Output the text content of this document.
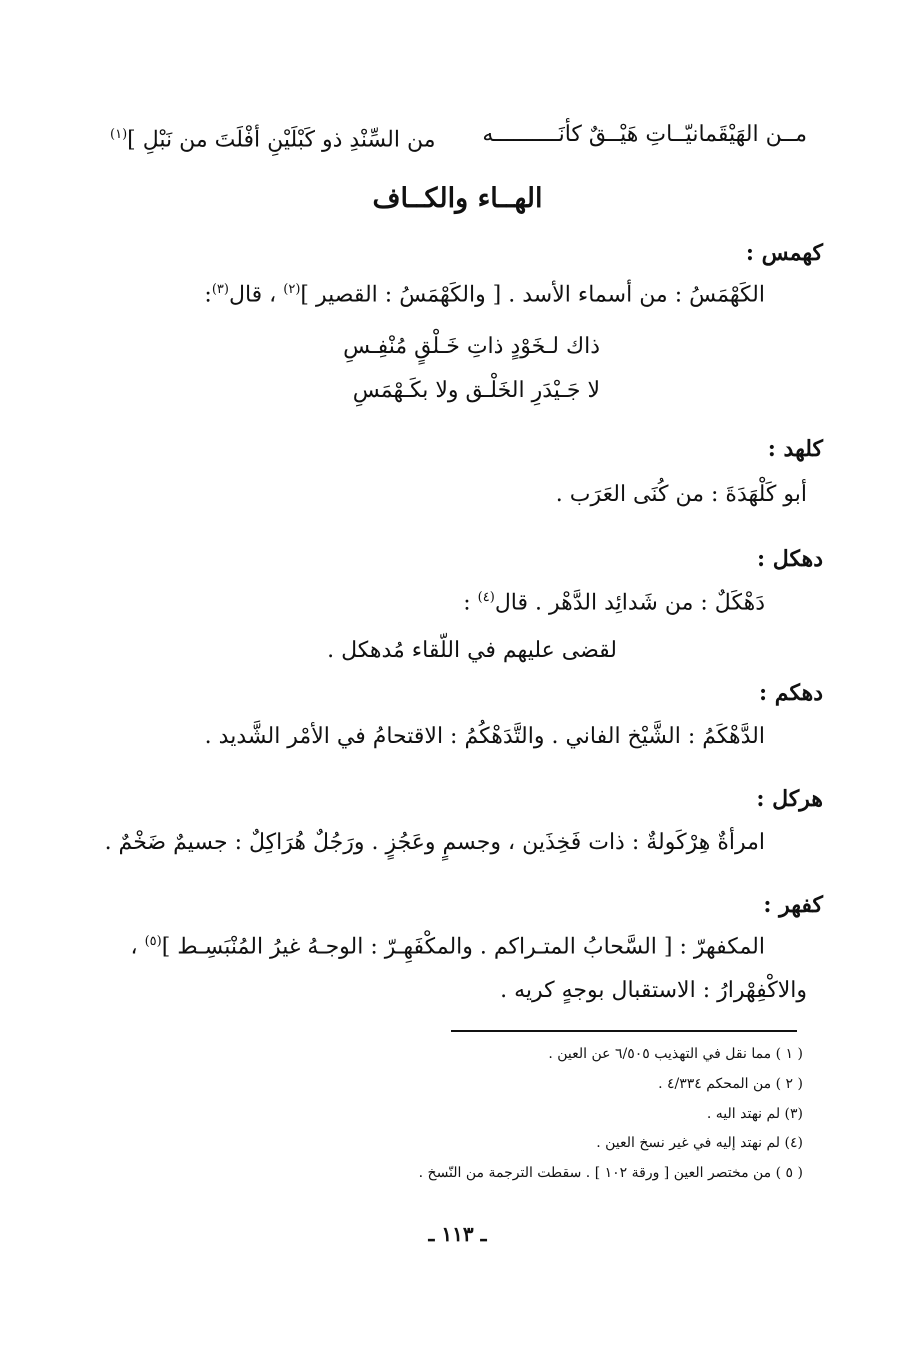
مــن الهَيْقَمانيّــاتِ هَيْــقٌ كأنَــــــــــه
من السِّنْدِ ذو كَبْلَيْنِ أفْلَتَ من نَبْلِ ]$^{(١)}$
الهــاء والكــاف
كهمس :
الكَهْمَسُ : من أسماء الأسد . [ والكَهْمَسُ : القصير ]$^{(٢)}$ ، قال$^{(٣)}$:
ذاك لـخَوْدٍ ذاتِ خَـلْقٍ مُنْفِـسِ
لا جَـيْدَرِ الخَلْـق ولا بكَـهْمَسِ
كلهد :
أبو كَلْهَدَةَ : من كُنَى العَرَب .
دهكل :
دَهْكَلٌ : من شَدائِد الدَّهْر . قال$^{(٤)}$ :
لقضى عليهم في اللّقاء مُدهكل .
دهكم :
الدَّهْكَمُ : الشَّيْخ الفاني . والتَّدَهْكُمُ : الاقتحامُ في الأمْر الشَّديد .
هركل :
امرأةٌ هِرْكَولةٌ : ذات فَخِذَين ، وجسمٍ وعَجُزٍ . ورَجُلٌ هُرَاكِلٌ : جسيمٌ ضَخْمٌ .
كفهر :
المكفهرّ : [ السَّحابُ المتـراكم . والمكْفَهِـرّ : الوجـهُ غيرُ المُنْبَسِـط ]$^{(٥)}$ ،
والاكْفِهْرارُ : الاستقبال بوجهٍ كريه .
( ١ ) مما نقل في التهذيب ٦/٥٠٥ عن العين .
( ٢ ) من المحكم ٤/٣٣٤ .
(٣) لم نهتد اليه .
(٤) لم نهتد إليه في غير نسخ العين .
( ٥ ) من مختصر العين [ ورقة ١٠٢ ] . سقطت الترجمة من النّسخ .
ـ ١١٣ ـ
